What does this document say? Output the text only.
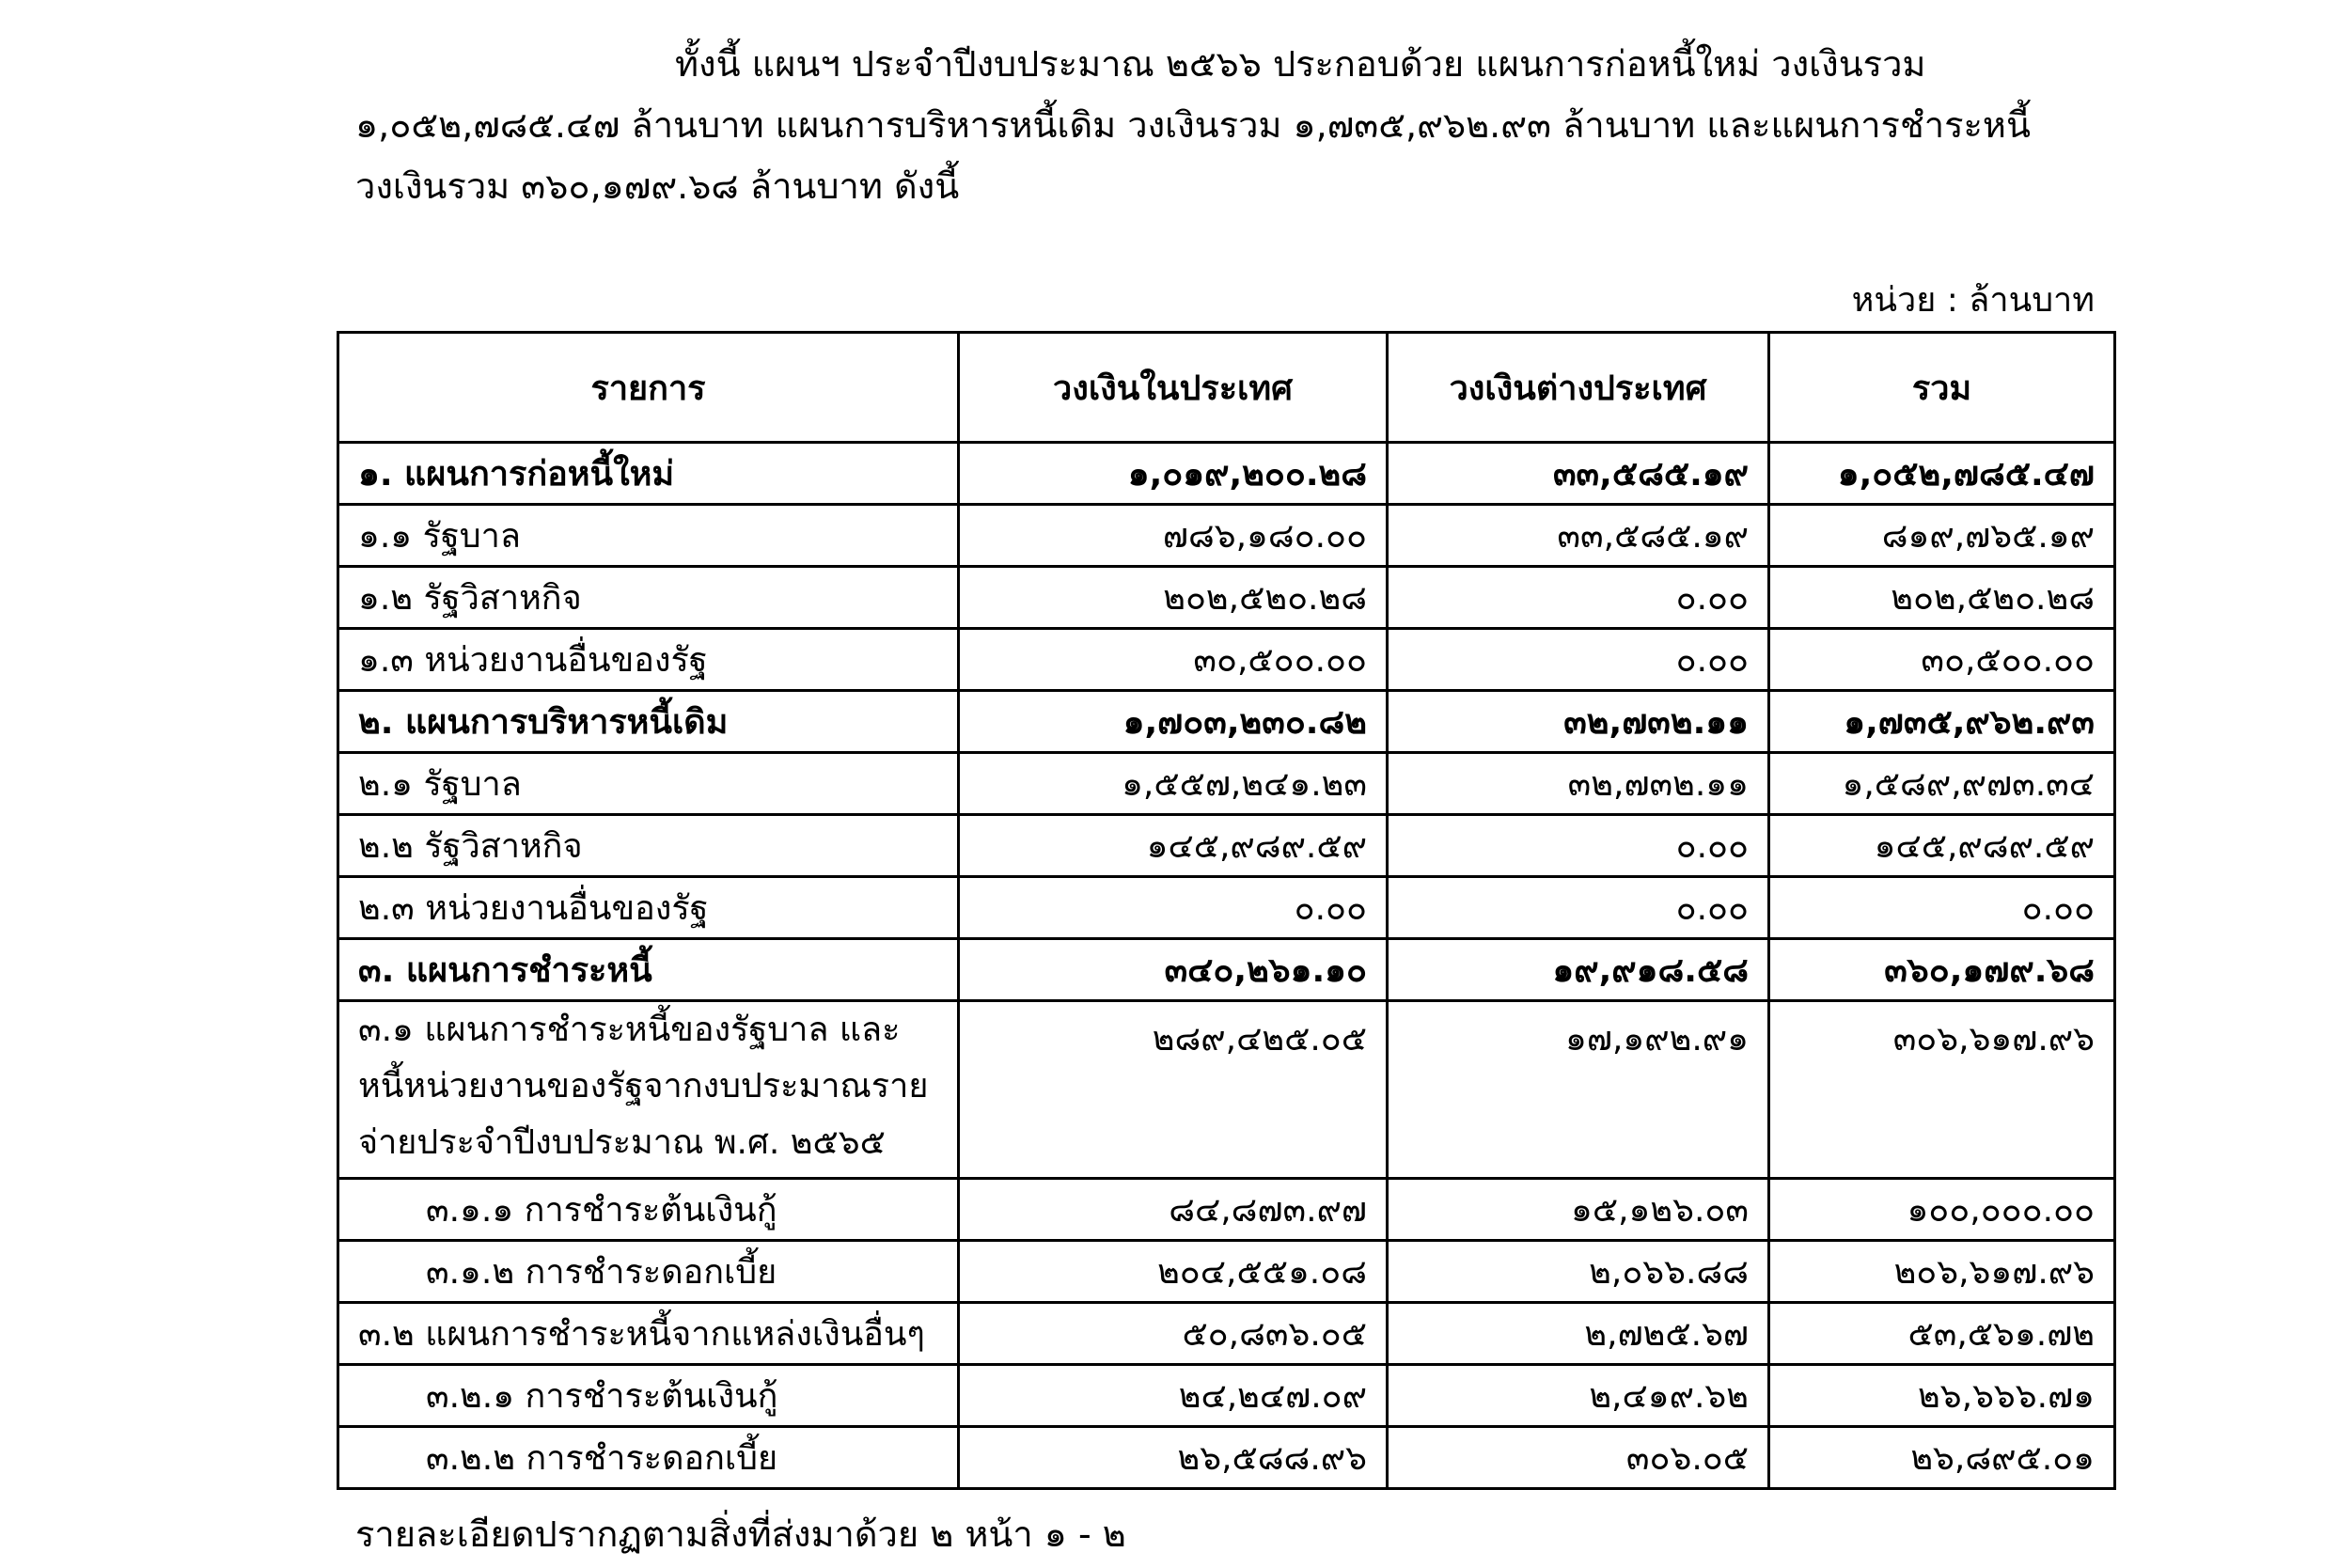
ทั้งนี้ แผนฯ ประจำปีงบประมาณ ๒๕๖๖ ประกอบด้วย แผนการก่อหนี้ใหม่ วงเงินรวม
๑,๐๕๒,๗๘๕.๔๗ ล้านบาท แผนการบริหารหนี้เดิม วงเงินรวม ๑,๗๓๕,๙๖๒.๙๓ ล้านบาท และแผนการชำระหนี้
วงเงินรวม ๓๖๐,๑๗๙.๖๘ ล้านบาท ดังนี้
หน่วย : ล้านบาท
รายการ	วงเงินในประเทศ	วงเงินต่างประเทศ	รวม
๑. แผนการก่อหนี้ใหม่	๑,๐๑๙,๒๐๐.๒๘	๓๓,๕๘๕.๑๙	๑,๐๕๒,๗๘๕.๔๗
๑.๑ รัฐบาล	๗๘๖,๑๘๐.๐๐	๓๓,๕๘๕.๑๙	๘๑๙,๗๖๕.๑๙
๑.๒ รัฐวิสาหกิจ	๒๐๒,๕๒๐.๒๘	๐.๐๐	๒๐๒,๕๒๐.๒๘
๑.๓ หน่วยงานอื่นของรัฐ	๓๐,๕๐๐.๐๐	๐.๐๐	๓๐,๕๐๐.๐๐
๒. แผนการบริหารหนี้เดิม	๑,๗๐๓,๒๓๐.๘๒	๓๒,๗๓๒.๑๑	๑,๗๓๕,๙๖๒.๙๓
๒.๑ รัฐบาล	๑,๕๕๗,๒๔๑.๒๓	๓๒,๗๓๒.๑๑	๑,๕๘๙,๙๗๓.๓๔
๒.๒ รัฐวิสาหกิจ	๑๔๕,๙๘๙.๕๙	๐.๐๐	๑๔๕,๙๘๙.๕๙
๒.๓ หน่วยงานอื่นของรัฐ	๐.๐๐	๐.๐๐	๐.๐๐
๓. แผนการชำระหนี้	๓๔๐,๒๖๑.๑๐	๑๙,๙๑๘.๕๘	๓๖๐,๑๗๙.๖๘
๓.๑ แผนการชำระหนี้ของรัฐบาล และหนี้หน่วยงานของรัฐจากงบประมาณรายจ่ายประจำปีงบประมาณ พ.ศ. ๒๕๖๕	๒๘๙,๔๒๕.๐๕	๑๗,๑๙๒.๙๑	๓๐๖,๖๑๗.๙๖
๓.๑.๑ การชำระต้นเงินกู้	๘๔,๘๗๓.๙๗	๑๕,๑๒๖.๐๓	๑๐๐,๐๐๐.๐๐
๓.๑.๒ การชำระดอกเบี้ย	๒๐๔,๕๕๑.๐๘	๒,๐๖๖.๘๘	๒๐๖,๖๑๗.๙๖
๓.๒ แผนการชำระหนี้จากแหล่งเงินอื่นๆ	๕๐,๘๓๖.๐๕	๒,๗๒๕.๖๗	๕๓,๕๖๑.๗๒
๓.๒.๑ การชำระต้นเงินกู้	๒๔,๒๔๗.๐๙	๒,๔๑๙.๖๒	๒๖,๖๖๖.๗๑
๓.๒.๒ การชำระดอกเบี้ย	๒๖,๕๘๘.๙๖	๓๐๖.๐๕	๒๖,๘๙๕.๐๑
รายละเอียดปรากฏตามสิ่งที่ส่งมาด้วย ๒ หน้า ๑ - ๒
